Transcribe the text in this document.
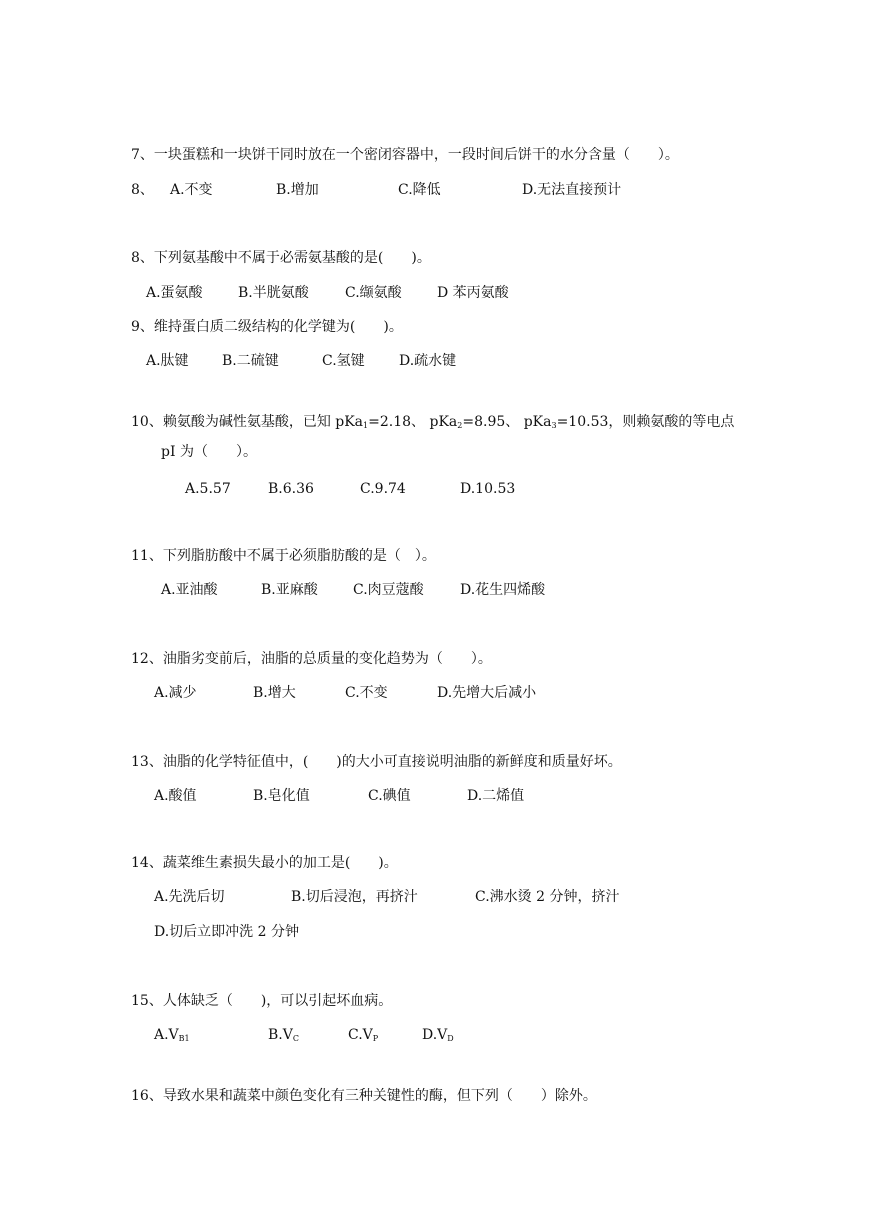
7、一块蛋糕和一块饼干同时放在一个密闭容器中，一段时间后饼干的水分含量（　　）。
8、 A.不变	B.增加	C.降低	D.无法直接预计
8、下列氨基酸中不属于必需氨基酸的是(　　)。
A.蛋氨酸	B.半胱氨酸	C.缬氨酸	D 苯丙氨酸
9、维持蛋白质二级结构的化学键为(　　)。
A.肽键 B.二硫键	C.氢键 D.疏水键
10、赖氨酸为碱性氨基酸，已知 pKa$_1$=2.18、 pKa$_2$=8.95、 pKa$_3$=10.53，则赖氨酸的等电点
pI 为（　　）。
A.5.57	B.6.36	C.9.74	D.10.53
11、下列脂肪酸中不属于必须脂肪酸的是（　）。
A.亚油酸	B.亚麻酸	C.肉豆蔻酸	D.花生四烯酸
12、油脂劣变前后，油脂的总质量的变化趋势为（　　）。
A.减少	B.增大	C.不变	D.先增大后减小
13、油脂的化学特征值中，(　　)的大小可直接说明油脂的新鲜度和质量好坏。
A.酸值	B.皂化值	C.碘值	D.二烯值
14、蔬菜维生素损失最小的加工是(　　)。
A.先洗后切	B.切后浸泡，再挤汁	C.沸水烫 2 分钟，挤汁
D.切后立即冲洗 2 分钟
15、人体缺乏（　　)，可以引起坏血病。
$A.V_{B1}$	$B.V_C$	$C.V_P$	$D.V_D$
16、导致水果和蔬菜中颜色变化有三种关键性的酶，但下列（　　）除外。
